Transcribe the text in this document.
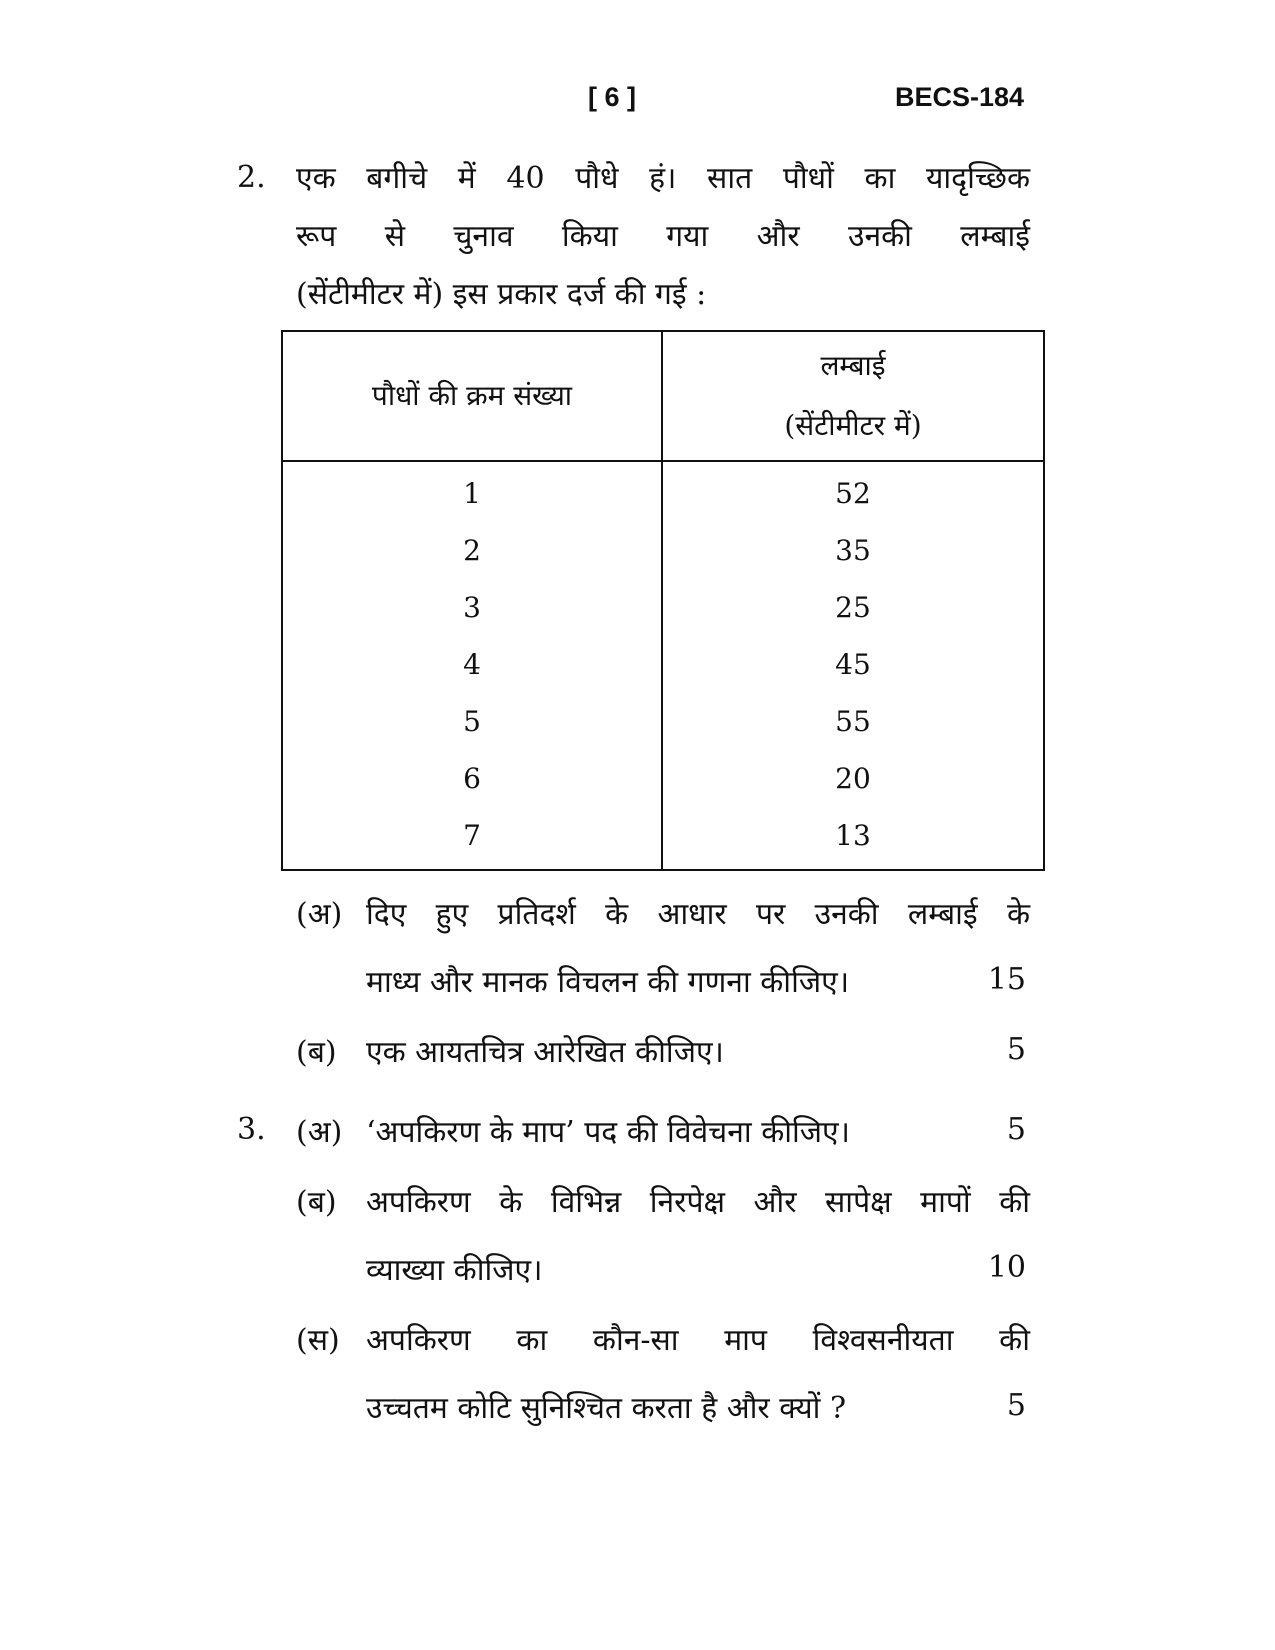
[ 6 ]	BECS-184
2. एक बगीचे में 40 पौधे हं। सात पौधों का यादृच्छिक
रूप से चुनाव किया गया और उनकी लम्बाई
(सेंटीमीटर में) इस प्रकार दर्ज की गई :
पौधों की क्रम संख्या	लम्बाई
(सेंटीमीटर में)

1	52
2	35
3	25
4	45
5	55
6	20
7	13
(अ) दिए हुए प्रतिदर्श के आधार पर उनकी लम्बाई के
माध्य और मानक विचलन की गणना कीजिए।	15
(ब) एक आयतचित्र आरेखित कीजिए।	5
3. (अ) ‘अपकिरण के माप’ पद की विवेचना कीजिए।	5
(ब) अपकिरण के विभिन्न निरपेक्ष और सापेक्ष मापों की
व्याख्या कीजिए।	10
(स) अपकिरण का कौन-सा माप विश्वसनीयता की
उच्चतम कोटि सुनिश्चित करता है और क्यों ?	5
